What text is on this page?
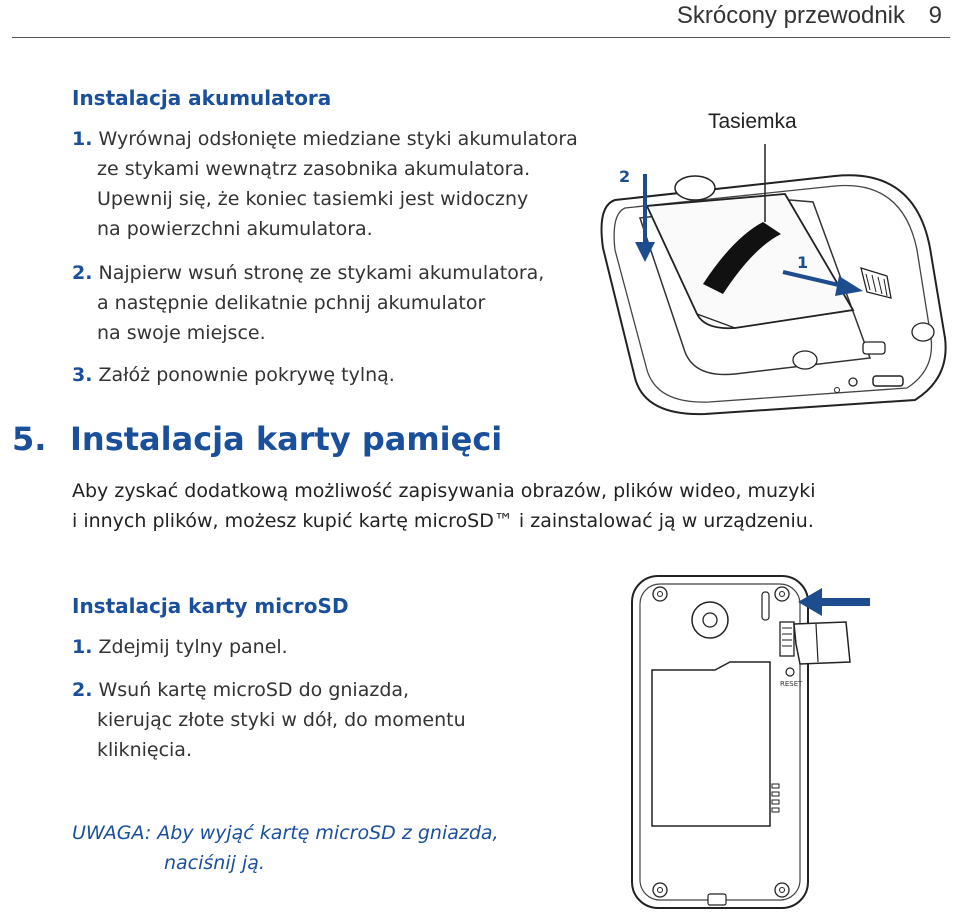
Skrócony przewodnik 9
Instalacja akumulatora
1. Wyrównaj odsłonięte miedziane styki akumulatora
ze stykami wewnątrz zasobnika akumulatora.
Upewnij się, że koniec tasiemki jest widoczny
na powierzchni akumulatora.
2. Najpierw wsuń stronę ze stykami akumulatora,
a następnie delikatnie pchnij akumulator
na swoje miejsce.
3. Załóż ponownie pokrywę tylną.
Tasiemka
2
1
5. Instalacja karty pamięci
Aby zyskać dodatkową możliwość zapisywania obrazów, plików wideo, muzyki
i innych plików, możesz kupić kartę microSD™ i zainstalować ją w urządzeniu.
Instalacja karty microSD
1. Zdejmij tylny panel.
2. Wsuń kartę microSD do gniazda,
kierując złote styki w dół, do momentu
kliknięcia.
UWAGA: Aby wyjąć kartę microSD z gniazda,
naciśnij ją.
RESET
